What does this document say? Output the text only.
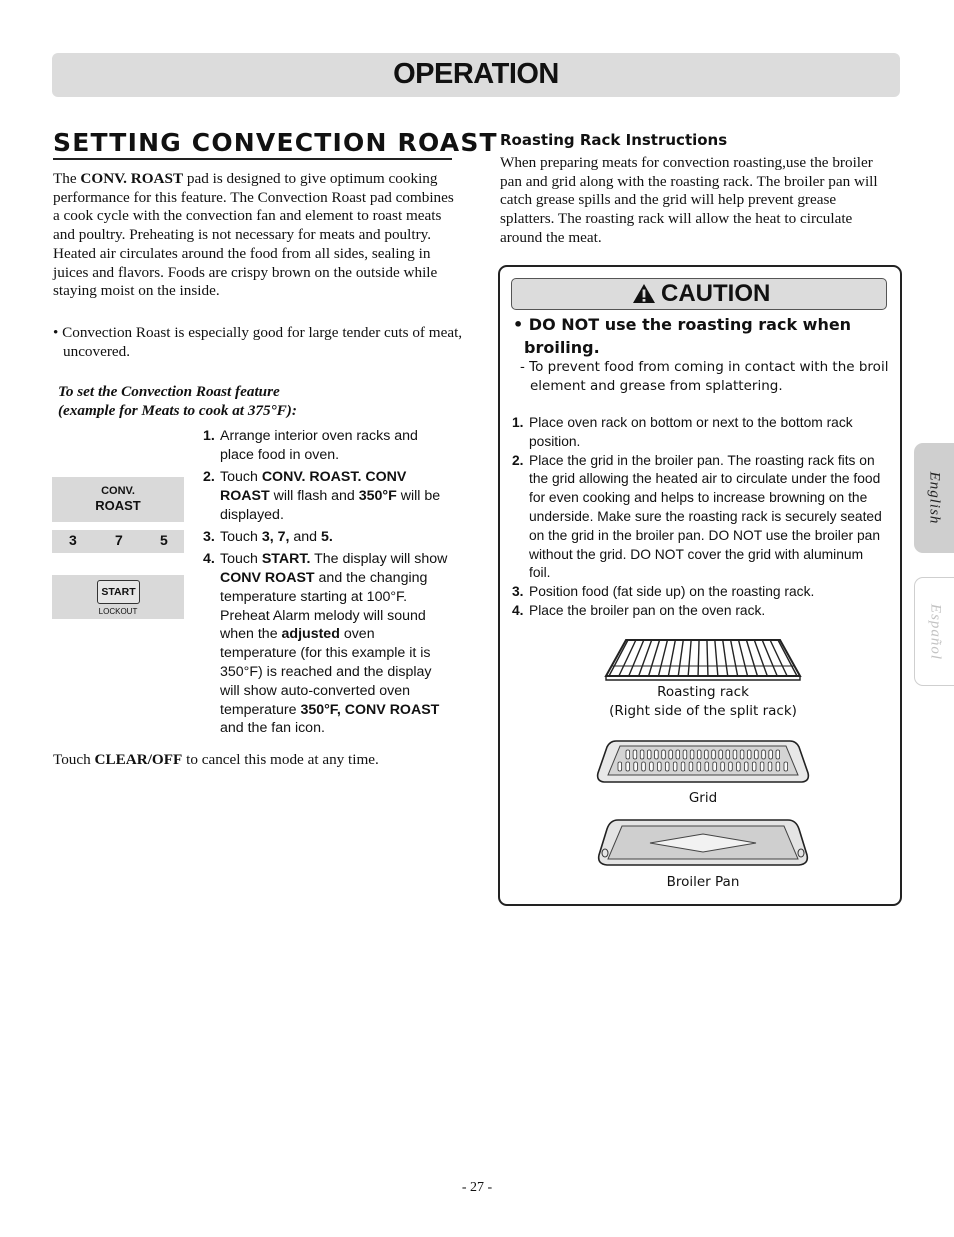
OPERATION
SETTING CONVECTION ROAST
The CONV. ROAST pad is designed to give optimum cooking performance for this feature. The Convection Roast pad combines a cook cycle with the convection fan and element to roast meats and poultry. Preheating is not necessary for meats and poultry. Heated air circulates around the food from all sides, sealing in juices and flavors. Foods are crispy brown on the outside while staying moist on the inside.
• Convection Roast is especially good for large tender cuts of meat, uncovered.
To set the Convection Roast feature
(example for Meats to cook at 375°F):
CONV.
ROAST
3	7	5
START
LOCKOUT
1. Arrange interior oven racks and place food in oven.
2. Touch CONV. ROAST. CONV ROAST will flash and 350°F will be displayed.
3. Touch 3, 7, and 5.
4. Touch START. The display will show CONV ROAST and the changing temperature starting at 100°F. Preheat Alarm melody will sound when the adjusted oven temperature (for this example it is 350°F) is reached and the display will show auto-converted oven temperature 350°F, CONV ROAST and the fan icon.
Touch CLEAR/OFF to cancel this mode at any time.
Roasting Rack Instructions
When preparing meats for convection roasting,use the broiler pan and grid along with the roasting rack. The broiler pan will catch grease spills and the grid will help prevent grease splatters. The roasting rack will allow the heat to circulate around the meat.
CAUTION
• DO NOT use the roasting rack when broiling.
- To prevent food from coming in contact with the broil element and grease from splattering.
1. Place oven rack on bottom or next to the bottom rack position.
2. Place the grid in the broiler pan. The roasting rack fits on the grid allowing the heated air to circulate under the food for even cooking and helps to increase browning on the underside. Make sure the roasting rack is securely seated on the grid in the broiler pan. DO NOT use the broiler pan without the grid. DO NOT cover the grid with aluminum foil.
3. Position food (fat side up) on the roasting rack.
4. Place the broiler pan on the oven rack.
Roasting rack
(Right side of the split rack)
Grid
Broiler Pan
English
Español
- 27 -
